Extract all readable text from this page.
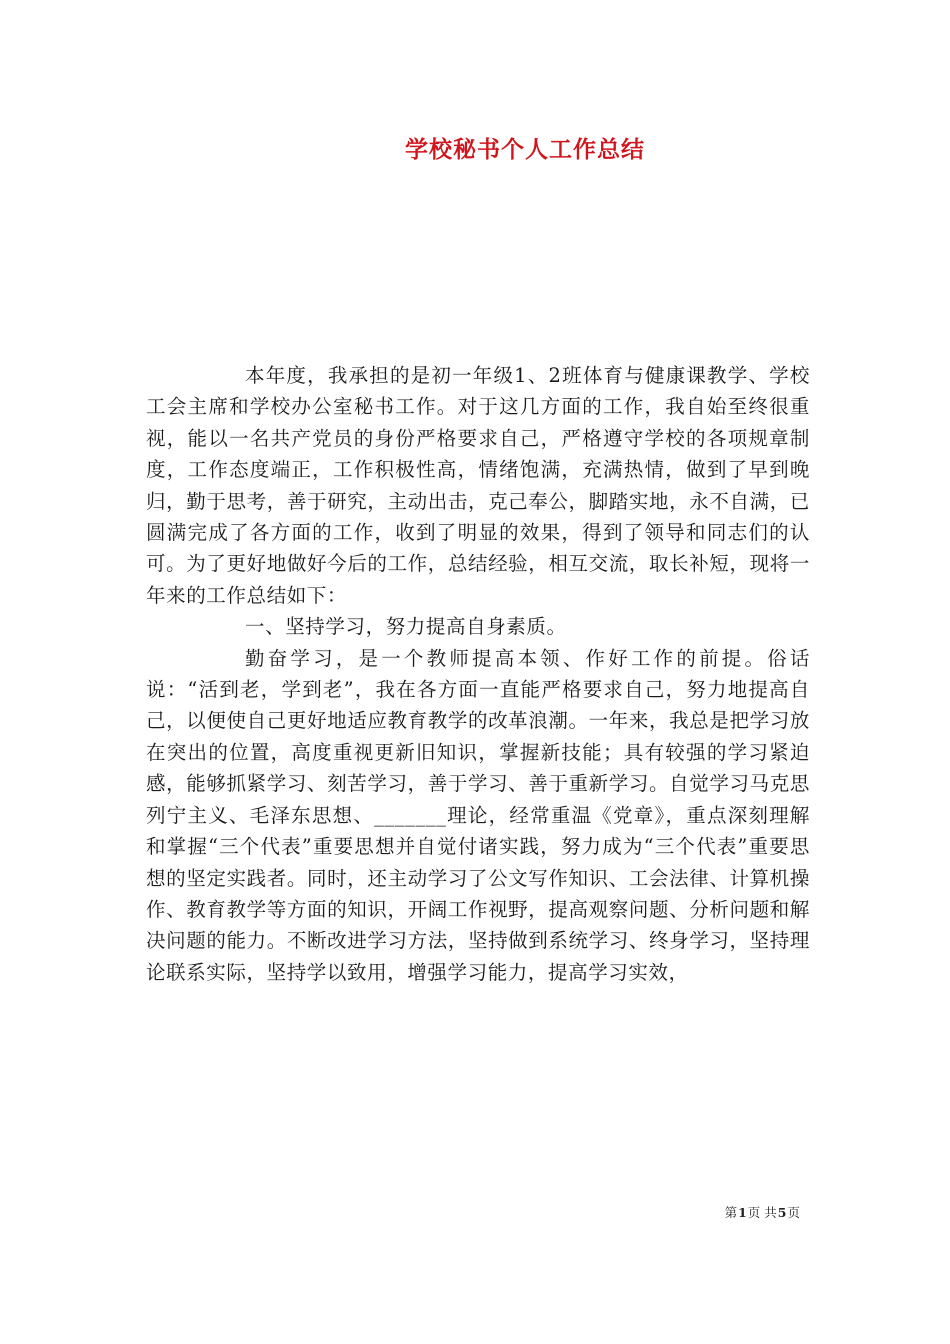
学校秘书个人工作总结

本年度，我承担的是初一年级1、2班体育与健康课教学、学校工会主席和学校办公室秘书工作。对于这几方面的工作，我自始至终很重视，能以一名共产党员的身份严格要求自己，严格遵守学校的各项规章制度，工作态度端正，工作积极性高，情绪饱满，充满热情，做到了早到晚归，勤于思考，善于研究，主动出击，克己奉公，脚踏实地，永不自满，已圆满完成了各方面的工作，收到了明显的效果，得到了领导和同志们的认可。为了更好地做好今后的工作，总结经验，相互交流，取长补短，现将一年来的工作总结如下：

一、坚持学习，努力提高自身素质。

勤奋学习，是一个教师提高本领、作好工作的前提。俗话说：“活到老，学到老”，我在各方面一直能严格要求自己，努力地提高自己，以便使自己更好地适应教育教学的改革浪潮。一年来，我总是把学习放在突出的位置，高度重视更新旧知识，掌握新技能；具有较强的学习紧迫感，能够抓紧学习、刻苦学习，善于学习、善于重新学习。自觉学习马克思列宁主义、毛泽东思想、_______理论，经常重温《党章》，重点深刻理解和掌握“三个代表”重要思想并自觉付诸实践，努力成为“三个代表”重要思想的坚定实践者。同时，还主动学习了公文写作知识、工会法律、计算机操作、教育教学等方面的知识，开阔工作视野，提高观察问题、分析问题和解决问题的能力。不断改进学习方法，坚持做到系统学习、终身学习，坚持理论联系实际，坚持学以致用，增强学习能力，提高学习实效，

第1页 共5页
